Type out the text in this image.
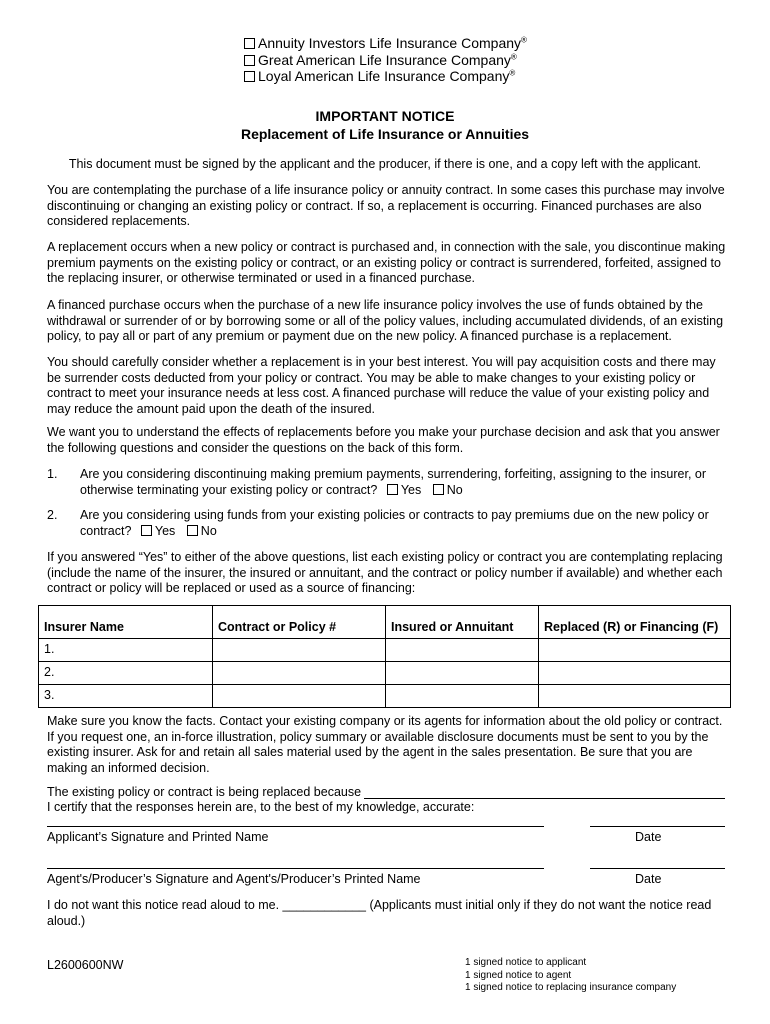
Annuity Investors Life Insurance Company®
Great American Life Insurance Company®
Loyal American Life Insurance Company®
IMPORTANT NOTICE
Replacement of Life Insurance or Annuities
This document must be signed by the applicant and the producer, if there is one, and a copy left with the applicant.
You are contemplating the purchase of a life insurance policy or annuity contract. In some cases this purchase may involve discontinuing or changing an existing policy or contract. If so, a replacement is occurring. Financed purchases are also considered replacements.
A replacement occurs when a new policy or contract is purchased and, in connection with the sale, you discontinue making premium payments on the existing policy or contract, or an existing policy or contract is surrendered, forfeited, assigned to the replacing insurer, or otherwise terminated or used in a financed purchase.
A financed purchase occurs when the purchase of a new life insurance policy involves the use of funds obtained by the withdrawal or surrender of or by borrowing some or all of the policy values, including accumulated dividends, of an existing policy, to pay all or part of any premium or payment due on the new policy. A financed purchase is a replacement.
You should carefully consider whether a replacement is in your best interest. You will pay acquisition costs and there may be surrender costs deducted from your policy or contract. You may be able to make changes to your existing policy or contract to meet your insurance needs at less cost. A financed purchase will reduce the value of your existing policy and may reduce the amount paid upon the death of the insured.
We want you to understand the effects of replacements before you make your purchase decision and ask that you answer the following questions and consider the questions on the back of this form.
1. Are you considering discontinuing making premium payments, surrendering, forfeiting, assigning to the insurer, or otherwise terminating your existing policy or contract? Yes No
2. Are you considering using funds from your existing policies or contracts to pay premiums due on the new policy or contract? Yes No
If you answered “Yes” to either of the above questions, list each existing policy or contract you are contemplating replacing (include the name of the insurer, the insured or annuitant, and the contract or policy number if available) and whether each contract or policy will be replaced or used as a source of financing:
Insurer Name	Contract or Policy #	Insured or Annuitant	Replaced (R) or Financing (F)
1.			
2.			
3.			
Make sure you know the facts. Contact your existing company or its agents for information about the old policy or contract. If you request one, an in-force illustration, policy summary or available disclosure documents must be sent to you by the existing insurer. Ask for and retain all sales material used by the agent in the sales presentation. Be sure that you are making an informed decision.
The existing policy or contract is being replaced because
I certify that the responses herein are, to the best of my knowledge, accurate:
Applicant’s Signature and Printed Name	Date
Agent's/Producer’s Signature and Agent's/Producer’s Printed Name	Date
I do not want this notice read aloud to me. ____________ (Applicants must initial only if they do not want the notice read aloud.)
L2600600NW	1 signed notice to applicant
1 signed notice to agent
1 signed notice to replacing insurance company
